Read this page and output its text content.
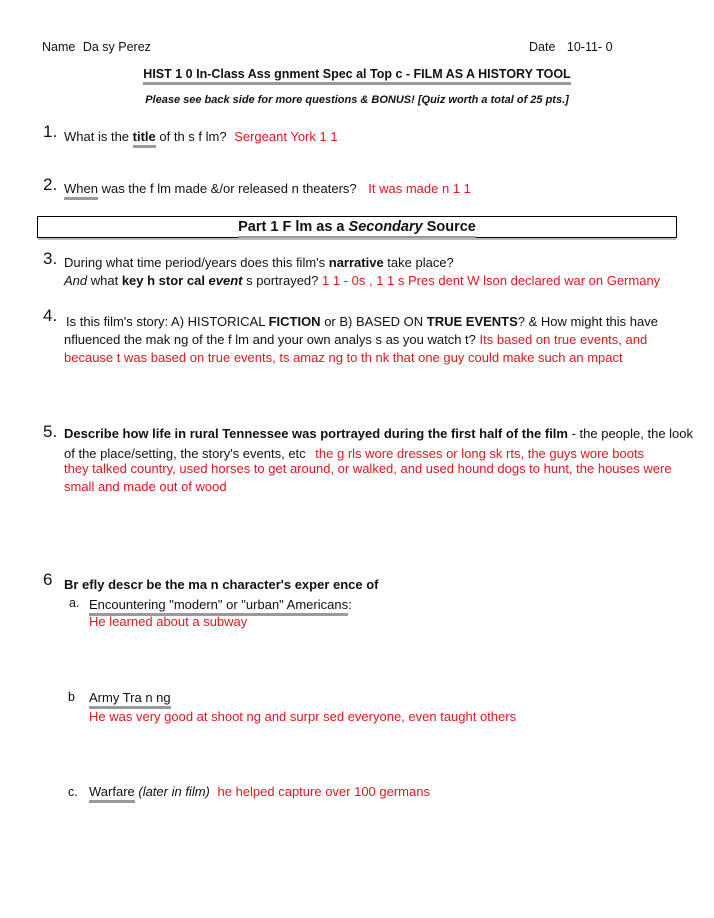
Name Da sy Perez	Date 10-11- 0
HIST 1 0 In-Class Ass gnment Spec al Top c - FILM AS A HISTORY TOOL
Please see back side for more questions & BONUS! [Quiz worth a total of 25 pts.]
1. What is the title of th s f lm? Sergeant York 1 1
2. When was the f lm made &/or released n theaters? It was made n 1 1
Part 1 F lm as a Secondary Source
3. During what time period/years does this film's narrative take place?
And what key h stor cal event s portrayed? 1 1 - 0s , 1 1 s Pres dent W lson declared war on Germany
4. Is this film's story: A) HISTORICAL FICTION or B) BASED ON TRUE EVENTS? & How might this have
nfluenced the mak ng of the f lm and your own analys s as you watch t? Its based on true events, and
because t was based on true events, ts amaz ng to th nk that one guy could make such an mpact
5. Describe how life in rural Tennessee was portrayed during the first half of the film - the people, the look
of the place/setting, the story's events, etc the g rls wore dresses or long sk rts, the guys wore boots
they talked country, used horses to get around, or walked, and used hound dogs to hunt, the houses were
small and made out of wood
6 Br efly descr be the ma n character's exper ence of
a. Encountering "modern" or "urban" Americans:
He learned about a subway
b Army Tra n ng
He was very good at shoot ng and surpr sed everyone, even taught others
c. Warfare (later in film) he helped capture over 100 germans
